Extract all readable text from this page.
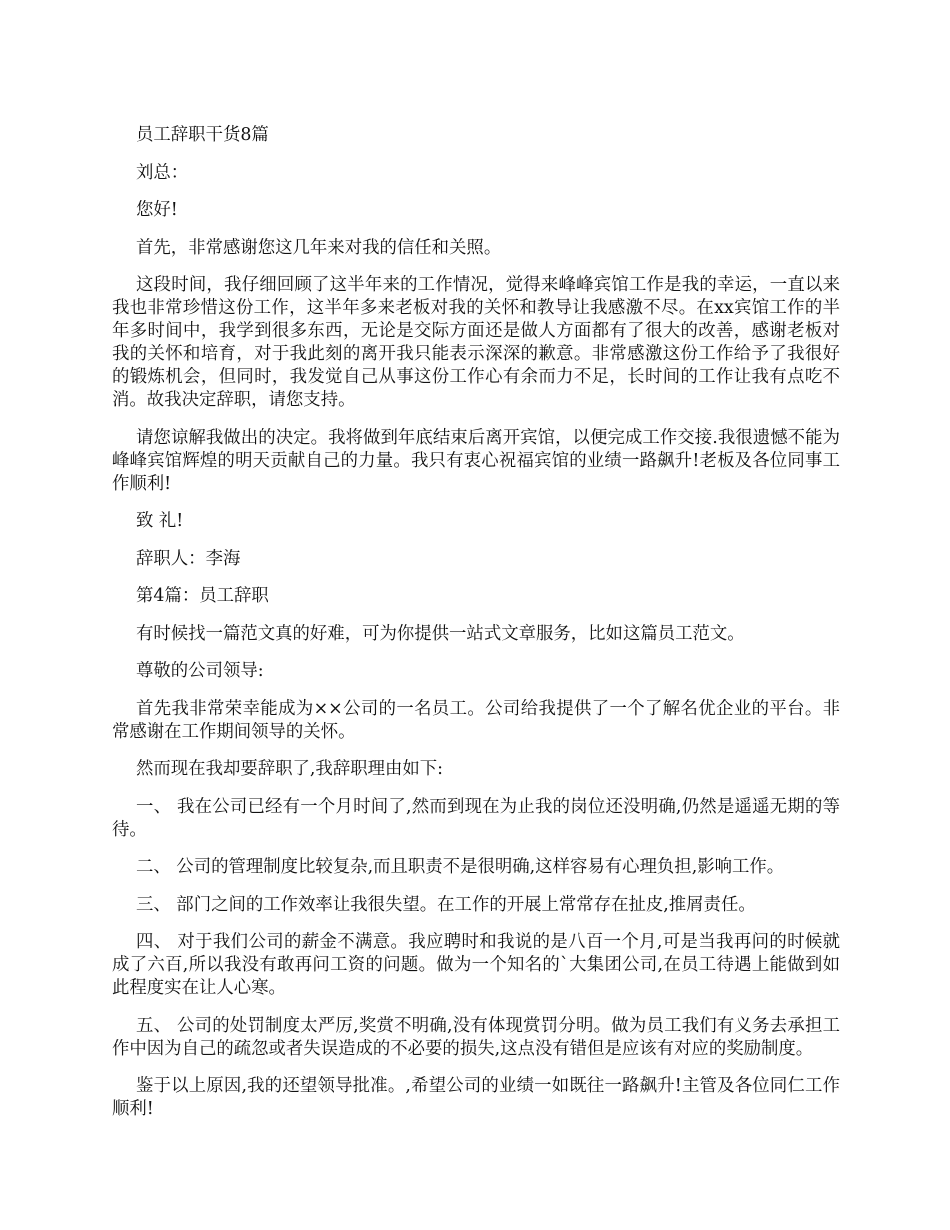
员工辞职干货8篇

刘总：

您好!

首先，非常感谢您这几年来对我的信任和关照。

这段时间，我仔细回顾了这半年来的工作情况，觉得来峰峰宾馆工作是我的幸运，一直以来我也非常珍惜这份工作，这半年多来老板对我的关怀和教导让我感激不尽。在xx宾馆工作的半年多时间中，我学到很多东西，无论是交际方面还是做人方面都有了很大的改善，感谢老板对我的关怀和培育，对于我此刻的离开我只能表示深深的歉意。非常感激这份工作给予了我很好的锻炼机会，但同时，我发觉自己从事这份工作心有余而力不足，长时间的工作让我有点吃不消。故我决定辞职，请您支持。

请您谅解我做出的决定。我将做到年底结束后离开宾馆，以便完成工作交接.我很遗憾不能为峰峰宾馆辉煌的明天贡献自己的力量。我只有衷心祝福宾馆的业绩一路飙升!老板及各位同事工作顺利!

致 礼!

辞职人：李海

第4篇：员工辞职

有时候找一篇范文真的好难，可为你提供一站式文章服务，比如这篇员工范文。

尊敬的公司领导:

首先我非常荣幸能成为××公司的一名员工。公司给我提供了一个了解名优企业的平台。非常感谢在工作期间领导的关怀。

然而现在我却要辞职了,我辞职理由如下:

一、 我在公司已经有一个月时间了,然而到现在为止我的岗位还没明确,仍然是遥遥无期的等待。

二、 公司的管理制度比较复杂,而且职责不是很明确,这样容易有心理负担,影响工作。

三、 部门之间的工作效率让我很失望。在工作的开展上常常存在扯皮,推屑责任。

四、 对于我们公司的薪金不满意。我应聘时和我说的是八百一个月,可是当我再问的时候就成了六百,所以我没有敢再问工资的问题。做为一个知名的`大集团公司,在员工待遇上能做到如此程度实在让人心寒。

五、 公司的处罚制度太严厉,奖赏不明确,没有体现赏罚分明。做为员工我们有义务去承担工作中因为自己的疏忽或者失误造成的不必要的损失,这点没有错但是应该有对应的奖励制度。

鉴于以上原因,我的还望领导批准。,希望公司的业绩一如既往一路飙升!主管及各位同仁工作顺利!
